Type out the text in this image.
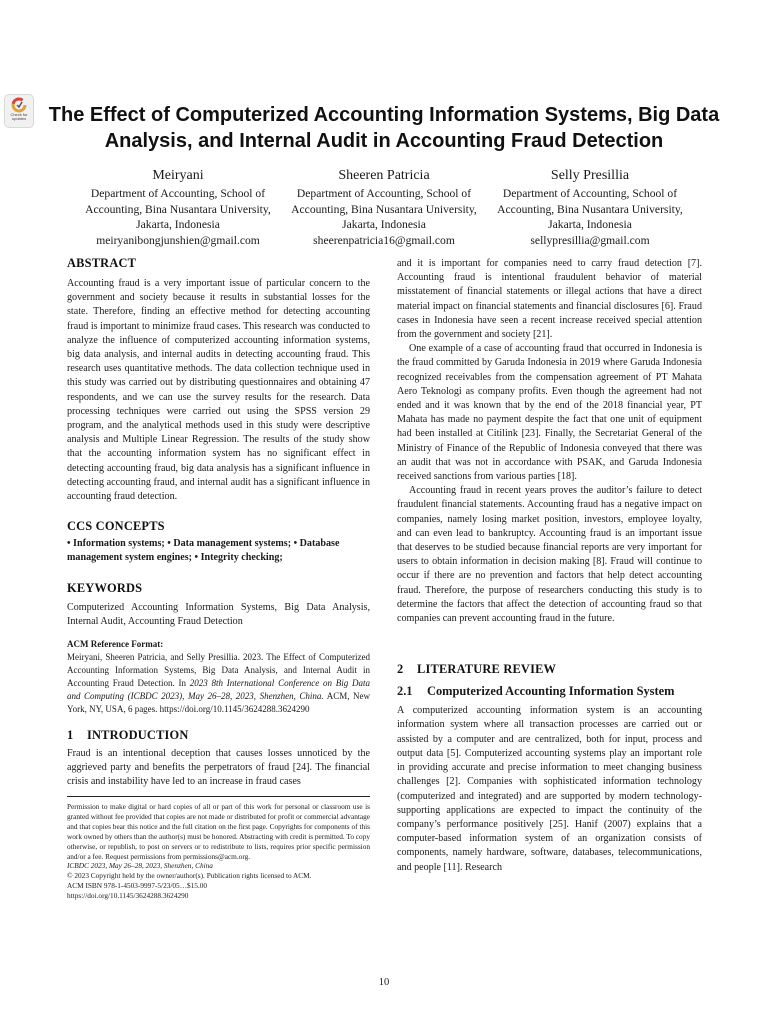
Check for
updates	The Effect of Computerized Accounting Information Systems, Big Data Analysis, and Internal Audit in Accounting Fraud Detection
Meiryani
Department of Accounting, School of Accounting, Bina Nusantara University, Jakarta, Indonesia
meiryanibongjunshien@gmail.com
Sheeren Patricia
Department of Accounting, School of Accounting, Bina Nusantara University, Jakarta, Indonesia
sheerenpatricia16@gmail.com
Selly Presillia
Department of Accounting, School of Accounting, Bina Nusantara University, Jakarta, Indonesia
sellypresillia@gmail.com
ABSTRACT

Accounting fraud is a very important issue of particular concern to the government and society because it results in substantial losses for the state. Therefore, finding an effective method for detecting accounting fraud is important to minimize fraud cases. This research was conducted to analyze the influence of computerized accounting information systems, big data analysis, and internal audits in detecting accounting fraud. This research uses quantitative methods. The data collection technique used in this study was carried out by distributing questionnaires and obtaining 47 respondents, and we can use the survey results for the research. Data processing techniques were carried out using the SPSS version 29 program, and the analytical methods used in this study were descriptive analysis and Multiple Linear Regression. The results of the study show that the accounting information system has no significant effect in detecting accounting fraud, big data analysis has a significant influence in detecting accounting fraud, and internal audit has a significant influence in accounting fraud detection.

CCS CONCEPTS

• Information systems; • Data management systems; • Database management system engines; • Integrity checking;

KEYWORDS

Computerized Accounting Information Systems, Big Data Analysis, Internal Audit, Accounting Fraud Detection

ACM Reference Format:

Meiryani, Sheeren Patricia, and Selly Presillia. 2023. The Effect of Computerized Accounting Information Systems, Big Data Analysis, and Internal Audit in Accounting Fraud Detection. In 2023 8th International Conference on Big Data and Computing (ICBDC 2023), May 26–28, 2023, Shenzhen, China. ACM, New York, NY, USA, 6 pages. https://doi.org/10.1145/3624288.3624290

1 INTRODUCTION

Fraud is an intentional deception that causes losses unnoticed by the aggrieved party and benefits the perpetrators of fraud [24]. The financial crisis and instability have led to an increase in fraud cases

Permission to make digital or hard copies of all or part of this work for personal or classroom use is granted without fee provided that copies are not made or distributed for profit or commercial advantage and that copies bear this notice and the full citation on the first page. Copyrights for components of this work owned by others than the author(s) must be honored. Abstracting with credit is permitted. To copy otherwise, or republish, to post on servers or to redistribute to lists, requires prior specific permission and/or a fee. Request permissions from permissions@acm.org.

ICBDC 2023, May 26–28, 2023, Shenzhen, China

© 2023 Copyright held by the owner/author(s). Publication rights licensed to ACM.

ACM ISBN 978-1-4503-9997-5/23/05…$15.00

https://doi.org/10.1145/3624288.3624290

and it is important for companies need to carry fraud detection [7]. Accounting fraud is intentional fraudulent behavior of material misstatement of financial statements or illegal actions that have a direct material impact on financial statements and financial disclosures [6]. Fraud cases in Indonesia have seen a recent increase received special attention from the government and society [21].

One example of a case of accounting fraud that occurred in Indonesia is the fraud committed by Garuda Indonesia in 2019 where Garuda Indonesia recognized receivables from the compensation agreement of PT Mahata Aero Teknologi as company profits. Even though the agreement had not ended and it was known that by the end of the 2018 financial year, PT Mahata has made no payment despite the fact that one unit of equipment had been installed at Citilink [23]. Finally, the Secretariat General of the Ministry of Finance of the Republic of Indonesia conveyed that there was an audit that was not in accordance with PSAK, and Garuda Indonesia received sanctions from various parties [18].

Accounting fraud in recent years proves the auditor’s failure to detect fraudulent financial statements. Accounting fraud has a negative impact on companies, namely losing market position, investors, employee loyalty, and can even lead to bankruptcy. Accounting fraud is an important issue that deserves to be studied because financial reports are very important for users to obtain information in decision making [8]. Fraud will continue to occur if there are no prevention and factors that help detect accounting fraud. Therefore, the purpose of researchers conducting this study is to determine the factors that affect the detection of accounting fraud so that companies can prevent accounting fraud in the future.

2 LITERATURE REVIEW
2.1 Computerized Accounting Information System

A computerized accounting information system is an accounting information system where all transaction processes are carried out or assisted by a computer and are centralized, both for input, process and output data [5]. Computerized accounting systems play an important role in providing accurate and precise information to meet changing business challenges [2]. Companies with sophisticated information technology (computerized and integrated) and are supported by modern technology-supporting applications are expected to impact the continuity of the company’s performance positively [25]. Hanif (2007) explains that a computer-based information system of an organization consists of components, namely hardware, software, databases, telecommunications, and people [11]. Research

10
